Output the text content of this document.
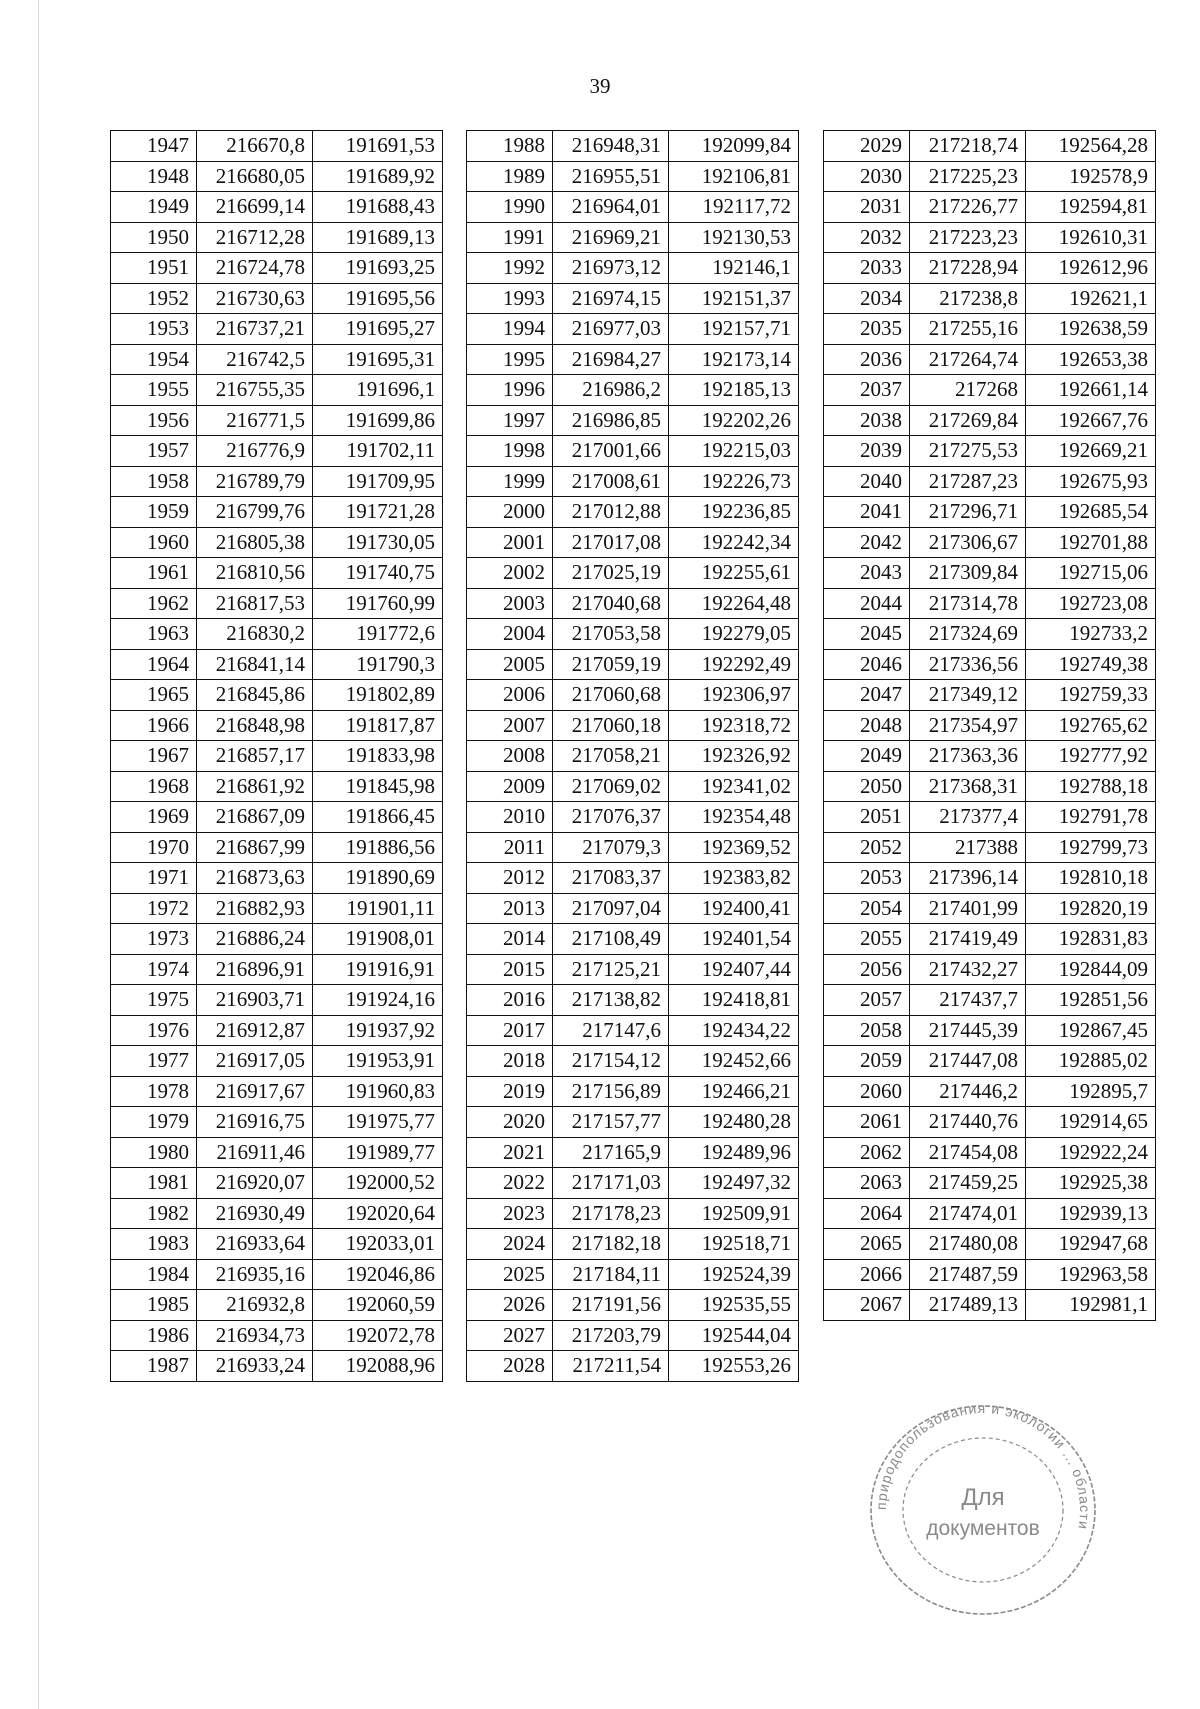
39
1947	216670,8	191691,53
1948	216680,05	191689,92
1949	216699,14	191688,43
1950	216712,28	191689,13
1951	216724,78	191693,25
1952	216730,63	191695,56
1953	216737,21	191695,27
1954	216742,5	191695,31
1955	216755,35	191696,1
1956	216771,5	191699,86
1957	216776,9	191702,11
1958	216789,79	191709,95
1959	216799,76	191721,28
1960	216805,38	191730,05
1961	216810,56	191740,75
1962	216817,53	191760,99
1963	216830,2	191772,6
1964	216841,14	191790,3
1965	216845,86	191802,89
1966	216848,98	191817,87
1967	216857,17	191833,98
1968	216861,92	191845,98
1969	216867,09	191866,45
1970	216867,99	191886,56
1971	216873,63	191890,69
1972	216882,93	191901,11
1973	216886,24	191908,01
1974	216896,91	191916,91
1975	216903,71	191924,16
1976	216912,87	191937,92
1977	216917,05	191953,91
1978	216917,67	191960,83
1979	216916,75	191975,77
1980	216911,46	191989,77
1981	216920,07	192000,52
1982	216930,49	192020,64
1983	216933,64	192033,01
1984	216935,16	192046,86
1985	216932,8	192060,59
1986	216934,73	192072,78
1987	216933,24	192088,96
1988	216948,31	192099,84
1989	216955,51	192106,81
1990	216964,01	192117,72
1991	216969,21	192130,53
1992	216973,12	192146,1
1993	216974,15	192151,37
1994	216977,03	192157,71
1995	216984,27	192173,14
1996	216986,2	192185,13
1997	216986,85	192202,26
1998	217001,66	192215,03
1999	217008,61	192226,73
2000	217012,88	192236,85
2001	217017,08	192242,34
2002	217025,19	192255,61
2003	217040,68	192264,48
2004	217053,58	192279,05
2005	217059,19	192292,49
2006	217060,68	192306,97
2007	217060,18	192318,72
2008	217058,21	192326,92
2009	217069,02	192341,02
2010	217076,37	192354,48
2011	217079,3	192369,52
2012	217083,37	192383,82
2013	217097,04	192400,41
2014	217108,49	192401,54
2015	217125,21	192407,44
2016	217138,82	192418,81
2017	217147,6	192434,22
2018	217154,12	192452,66
2019	217156,89	192466,21
2020	217157,77	192480,28
2021	217165,9	192489,96
2022	217171,03	192497,32
2023	217178,23	192509,91
2024	217182,18	192518,71
2025	217184,11	192524,39
2026	217191,56	192535,55
2027	217203,79	192544,04
2028	217211,54	192553,26
2029	217218,74	192564,28
2030	217225,23	192578,9
2031	217226,77	192594,81
2032	217223,23	192610,31
2033	217228,94	192612,96
2034	217238,8	192621,1
2035	217255,16	192638,59
2036	217264,74	192653,38
2037	217268	192661,14
2038	217269,84	192667,76
2039	217275,53	192669,21
2040	217287,23	192675,93
2041	217296,71	192685,54
2042	217306,67	192701,88
2043	217309,84	192715,06
2044	217314,78	192723,08
2045	217324,69	192733,2
2046	217336,56	192749,38
2047	217349,12	192759,33
2048	217354,97	192765,62
2049	217363,36	192777,92
2050	217368,31	192788,18
2051	217377,4	192791,78
2052	217388	192799,73
2053	217396,14	192810,18
2054	217401,99	192820,19
2055	217419,49	192831,83
2056	217432,27	192844,09
2057	217437,7	192851,56
2058	217445,39	192867,45
2059	217447,08	192885,02
2060	217446,2	192895,7
2061	217440,76	192914,65
2062	217454,08	192922,24
2063	217459,25	192925,38
2064	217474,01	192939,13
2065	217480,08	192947,68
2066	217487,59	192963,58
2067	217489,13	192981,1
природопользования и экологии ... области
Для
документов
